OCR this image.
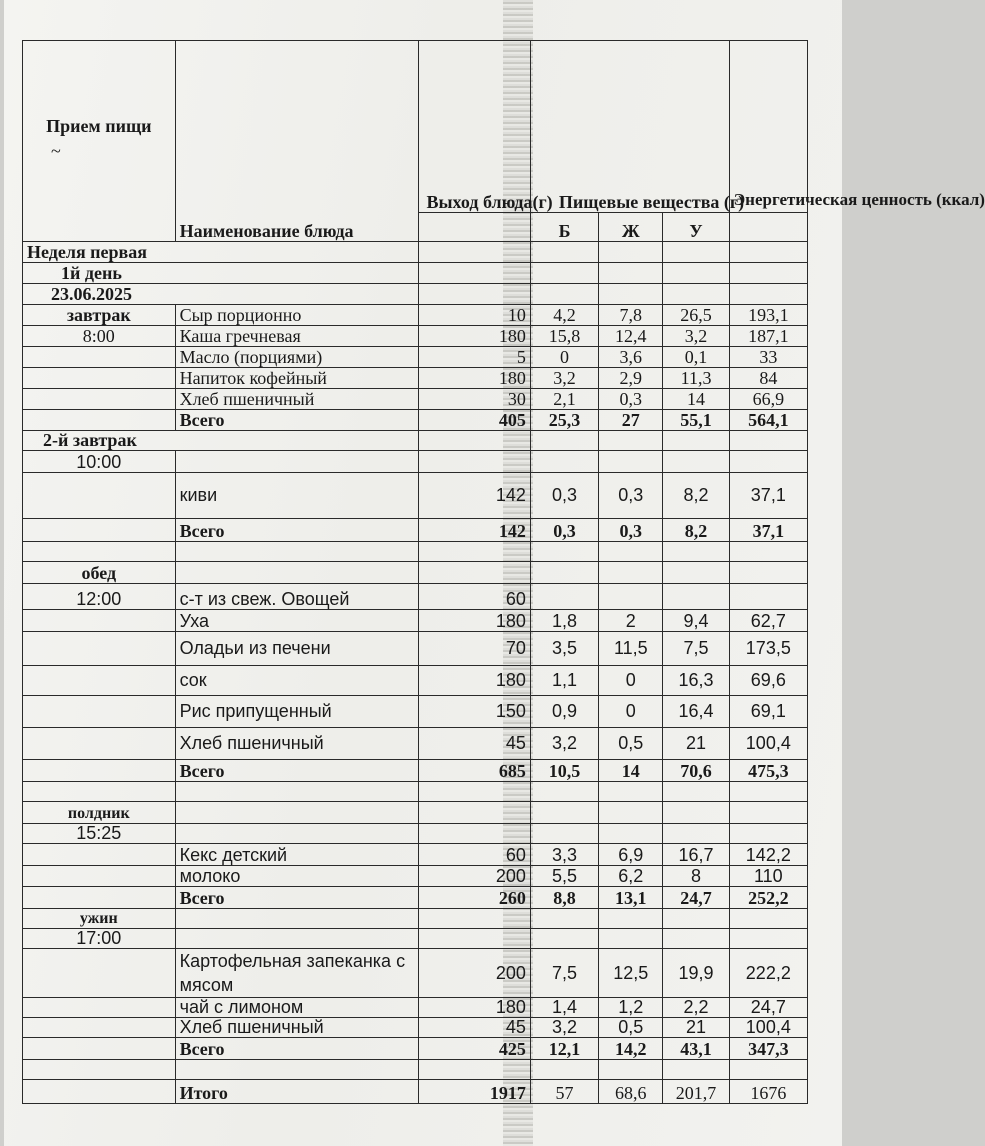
Прием пищи
~	Наименование блюда	Выход блюда(г)	Пищевые вещества (г)			Энергетическая ценность (ккал)
			Б	Ж	У	
Неделя первая						
1й день						
23.06.2025						
завтрак	Сыр порционно	10	4,2	7,8	26,5	193,1
8:00	Каша гречневая	180	15,8	12,4	3,2	187,1
	Масло (порциями)	5	0	3,6	0,1	33
	Напиток кофейный	180	3,2	2,9	11,3	84
	Хлеб пшеничный	30	2,1	0,3	14	66,9
	Всего	405	25,3	27	55,1	564,1
2-й завтрак						
10:00						
	киви	142	0,3	0,3	8,2	37,1
	Всего	142	0,3	0,3	8,2	37,1

обед						
12:00	с-т из свеж. Овощей	60				
	Уха	180	1,8	2	9,4	62,7
	Оладьи из печени	70	3,5	11,5	7,5	173,5
	сок	180	1,1	0	16,3	69,6
	Рис припущенный	150	0,9	0	16,4	69,1
	Хлеб пшеничный	45	3,2	0,5	21	100,4
	Всего	685	10,5	14	70,6	475,3

полдник						
15:25						
	Кекс детский	60	3,3	6,9	16,7	142,2
	молоко	200	5,5	6,2	8	110
	Всего	260	8,8	13,1	24,7	252,2
ужин						
17:00						
	Картофельная запеканка с мясом	200	7,5	12,5	19,9	222,2
	чай с лимоном	180	1,4	1,2	2,2	24,7
	Хлеб пшеничный	45	3,2	0,5	21	100,4
	Всего	425	12,1	14,2	43,1	347,3

	Итого	1917	57	68,6	201,7	1676
